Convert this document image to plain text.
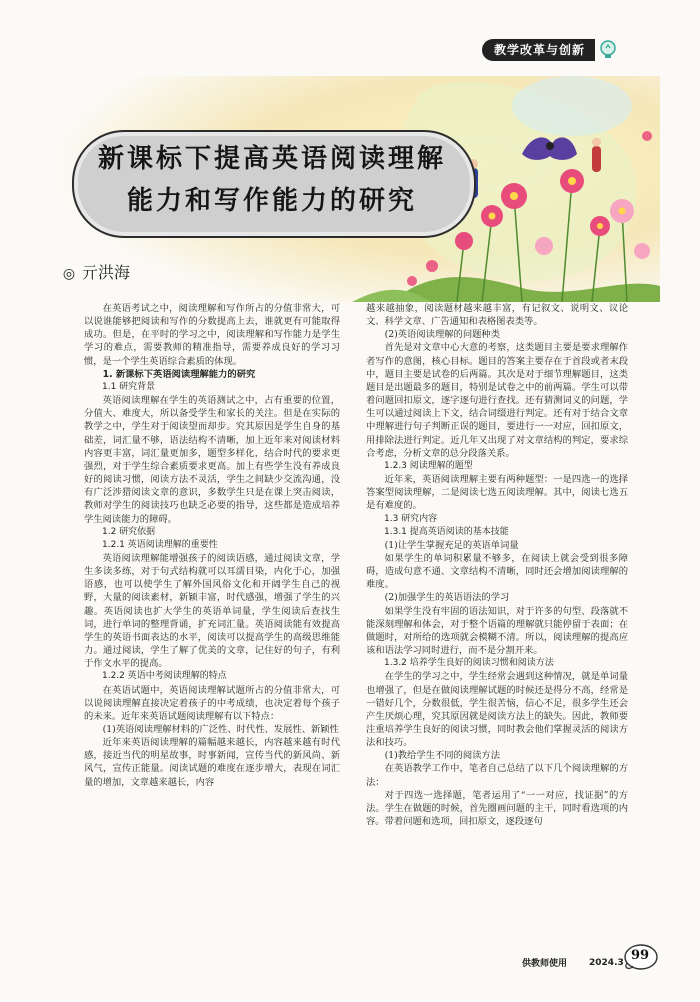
教学改革与创新
新课标下提高英语阅读理解
能力和写作能力的研究
◎ 亓洪海

在英语考试之中，阅读理解和写作所占的分值非常大，可以说谁能够把阅读和写作的分数提高上去，谁就更有可能取得成功。但是，在平时的学习之中，阅读理解和写作能力是学生学习的难点，需要教师的精准指导，需要养成良好的学习习惯，是一个学生英语综合素质的体现。

1. 新课标下英语阅读理解能力的研究

1.1 研究背景

英语阅读理解在学生的英语测试之中，占有重要的位置，分值大、难度大，所以备受学生和家长的关注。但是在实际的教学之中，学生对于阅读望而却步。究其原因是学生自身的基础差，词汇量不够，语法结构不清晰，加上近年来对阅读材料内容更丰富，词汇量更加多，题型多样化，结合时代的要求更强烈，对于学生综合素质要求更高。加上有些学生没有养成良好的阅读习惯，阅读方法不灵活，学生之间缺少交流沟通，没有广泛涉猎阅读文章的意识，多数学生只是在课上突击阅读，教师对学生的阅读技巧也缺乏必要的指导，这些都是造成培养学生阅读能力的障碍。

1.2 研究依据

1.2.1 英语阅读理解的重要性

英语阅读理解能增强孩子的阅读语感，通过阅读文章，学生多读多练，对于句式结构就可以耳濡目染，内化于心，加强语感，也可以使学生了解外国风俗文化和开阔学生自己的视野，大量的阅读素材，新颖丰富，时代感强，增强了学生的兴趣。英语阅读也扩大学生的英语单词量，学生阅读后查找生词，进行单词的整理背诵，扩充词汇量。英语阅读能有效提高学生的英语书面表达的水平，阅读可以提高学生的高级思维能力。通过阅读，学生了解了优美的文章，记住好的句子，有利于作文水平的提高。

1.2.2 英语中考阅读理解的特点

在英语试题中，英语阅读理解试题所占的分值非常大，可以说阅读理解直接决定着孩子的中考成绩，也决定着每个孩子的未来。近年来英语试题阅读理解有以下特点：

(1)英语阅读理解材料的广泛性、时代性、发展性、新颖性

近年来英语阅读理解的篇幅越来越长，内容越来越有时代感，接近当代的明星故事，时事新闻，宣传当代的新风尚、新风气，宣传正能量。阅读试题的难度在逐步增大，表现在词汇量的增加，文章越来越长，内容

越来越抽象，阅读题材越来越丰富，有记叙文、说明文、议论文、科学文章、广告通知和表格图表类等。

(2)英语阅读理解的问题种类

首先是对文章中心大意的考察，这类题目主要是要求理解作者写作的意图，核心目标。题目的答案主要存在于首段或者末段中，题目主要是试卷的后两篇。其次是对于细节理解题目，这类题目是出题最多的题目，特别是试卷之中的前两篇。学生可以带着问题回扣原文，逐字逐句进行查找。还有猜测词义的问题，学生可以通过阅读上下文，结合词缀进行判定。还有对于结合文章中理解进行句子判断正误的题目，要进行一一对应，回扣原文，用排除法进行判定。近几年又出现了对文章结构的判定，要求综合考虑，分析文章的总分段落关系。

1.2.3 阅读理解的题型

近年来，英语阅读理解主要有两种题型：一是四选一的选择答案型阅读理解，二是阅读七选五阅读理解。其中，阅读七选五是有难度的。

1.3 研究内容

1.3.1 提高英语阅读的基本技能

(1)让学生掌握充足的英语单词量

如果学生的单词积累量不够多，在阅读上就会受到很多障碍，造成句意不通、文章结构不清晰，同时还会增加阅读理解的难度。

(2)加强学生的英语语法的学习

如果学生没有牢固的语法知识，对于许多的句型、段落就不能深刻理解和体会，对于整个语篇的理解就只能停留于表面；在做题时，对所给的选项就会模糊不清。所以，阅读理解的提高应该和语法学习同时进行，而不是分割开来。

1.3.2 培养学生良好的阅读习惯和阅读方法

在学生的学习之中，学生经常会遇到这种情况，就是单词量也增强了，但是在做阅读理解试题的时候还是得分不高，经常是一错好几个，分数很低，学生很苦恼，信心不足，很多学生还会产生厌烦心理，究其原因就是阅读方法上的缺失。因此，教师要注重培养学生良好的阅读习惯，同时教会他们掌握灵活的阅读方法和技巧。

(1)教给学生不同的阅读方法

在英语教学工作中，笔者自己总结了以下几个阅读理解的方法：

对于四选一选择题，笔者运用了“一一对应，找证据”的方法。学生在做题的时候，首先圈画问题的主干，同时看选项的内容。带着问题和选项，回扣原文，逐段逐句

供教师使用 2024.3 99
